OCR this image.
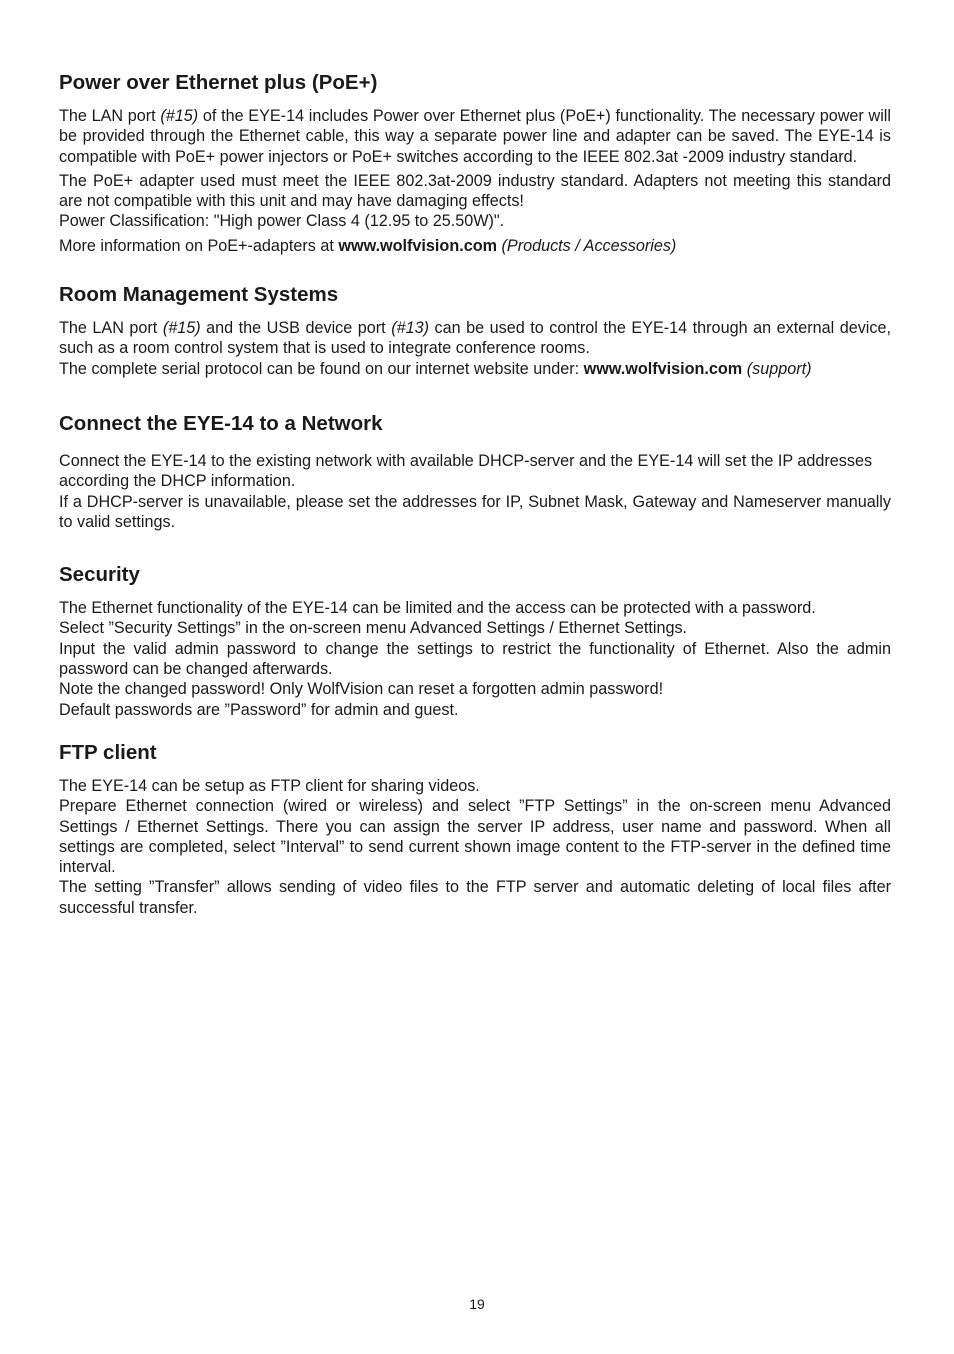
Power over Ethernet plus (PoE+)

The LAN port (#15) of the EYE-14 includes Power over Ethernet plus (PoE+) functionality. The necessary power will be provided through the Ethernet cable, this way a separate power line and adapter can be saved. The EYE-14 is compatible with PoE+ power injectors or PoE+ switches according to the IEEE 802.3at -2009 industry standard.

The PoE+ adapter used must meet the IEEE 802.3at-2009 industry standard. Adapters not meeting this standard are not compatible with this unit and may have damaging effects!

Power Classification: "High power Class 4 (12.95 to 25.50W)".

More information on PoE+-adapters at www.wolfvision.com (Products / Accessories)

Room Management Systems

The LAN port (#15) and the USB device port (#13) can be used to control the EYE-14 through an external device, such as a room control system that is used to integrate conference rooms.

The complete serial protocol can be found on our internet website under: www.wolfvision.com (support)

Connect the EYE-14 to a Network

Connect the EYE-14 to the existing network with available DHCP-server and the EYE-14 will set the IP addresses according the DHCP information.

If a DHCP-server is unavailable, please set the addresses for IP, Subnet Mask, Gateway and Nameserver manually to valid settings.

Security

The Ethernet functionality of the EYE-14 can be limited and the access can be protected with a password.

Select ”Security Settings” in the on-screen menu Advanced Settings / Ethernet Settings.

Input the valid admin password to change the settings to restrict the functionality of Ethernet. Also the admin password can be changed afterwards.

Note the changed password! Only WolfVision can reset a forgotten admin password!

Default passwords are ”Password” for admin and guest.

FTP client

The EYE-14 can be setup as FTP client for sharing videos.

Prepare Ethernet connection (wired or wireless) and select ”FTP Settings” in the on-screen menu Advanced Settings / Ethernet Settings. There you can assign the server IP address, user name and password. When all settings are completed, select ”Interval” to send current shown image content to the FTP-server in the defined time interval.

The setting ”Transfer” allows sending of video files to the FTP server and automatic deleting of local files after successful transfer.

19
